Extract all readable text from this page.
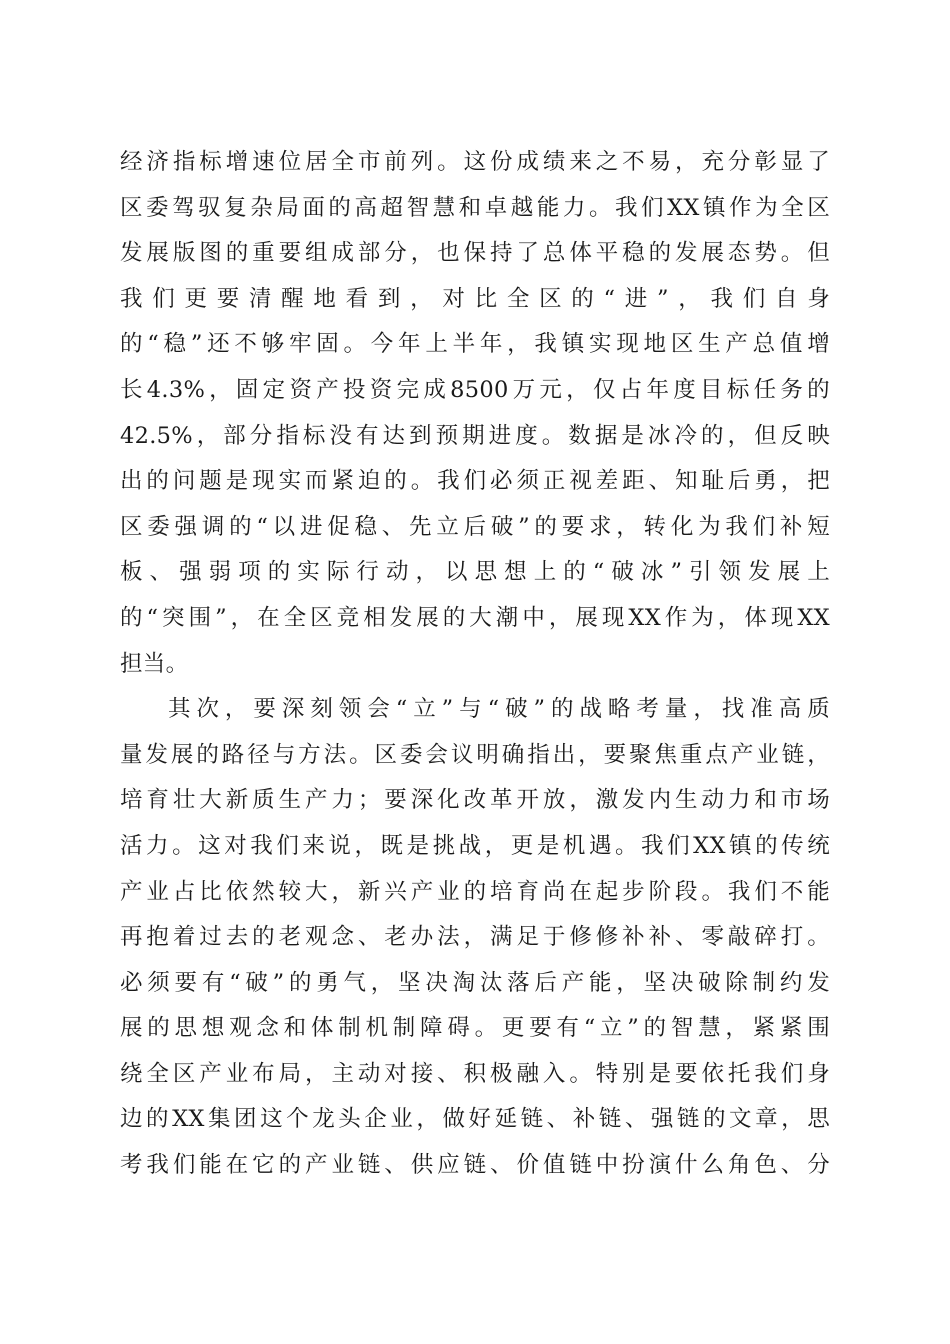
经济指标增速位居全市前列。这份成绩来之不易，充分彰显了
区委驾驭复杂局面的高超智慧和卓越能力。我们XX镇作为全区
发展版图的重要组成部分，也保持了总体平稳的发展态势。但
我们更要清醒地看到，对比全区的“进”，我们自身
的“稳”还不够牢固。今年上半年，我镇实现地区生产总值增
长4.3%，固定资产投资完成8500万元，仅占年度目标任务的
42.5%，部分指标没有达到预期进度。数据是冰冷的，但反映
出的问题是现实而紧迫的。我们必须正视差距、知耻后勇，把
区委强调的“以进促稳、先立后破”的要求，转化为我们补短
板、强弱项的实际行动，以思想上的“破冰”引领发展上
的“突围”，在全区竞相发展的大潮中，展现XX作为，体现XX
担当。
其次，要深刻领会“立”与“破”的战略考量，找准高质
量发展的路径与方法。区委会议明确指出，要聚焦重点产业链，
培育壮大新质生产力；要深化改革开放，激发内生动力和市场
活力。这对我们来说，既是挑战，更是机遇。我们XX镇的传统
产业占比依然较大，新兴产业的培育尚在起步阶段。我们不能
再抱着过去的老观念、老办法，满足于修修补补、零敲碎打。
必须要有“破”的勇气，坚决淘汰落后产能，坚决破除制约发
展的思想观念和体制机制障碍。更要有“立”的智慧，紧紧围
绕全区产业布局，主动对接、积极融入。特别是要依托我们身
边的XX集团这个龙头企业，做好延链、补链、强链的文章，思
考我们能在它的产业链、供应链、价值链中扮演什么角色、分
